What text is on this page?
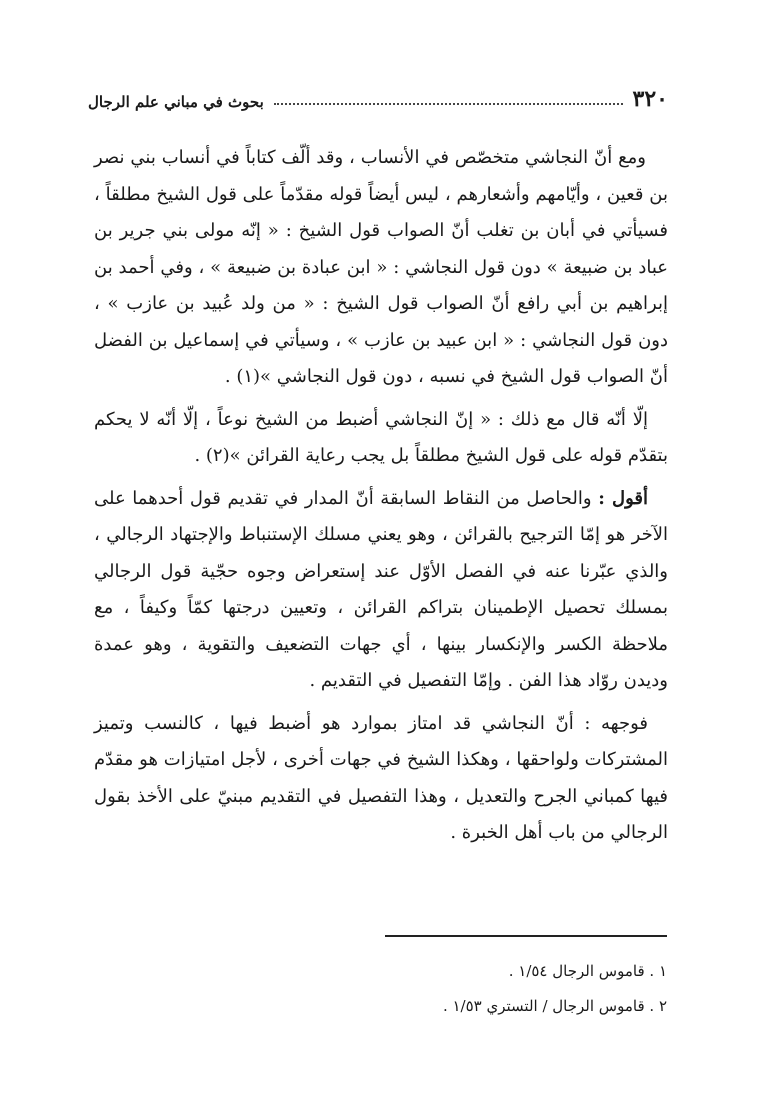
٣٢٠
بحوث في مباني علم الرجال

ومع أنّ النجاشي متخصّص في الأنساب ، وقد ألّف كتاباً في أنساب بني نصر بن قعين ، وأيّامهم وأشعارهم ، ليس أيضاً قوله مقدّماً على قول الشيخ مطلقاً ، فسيأتي في أبان بن تغلب أنّ الصواب قول الشيخ : « إنّه مولى بني جرير بن عباد بن ضبيعة » دون قول النجاشي : « ابن عبادة بن ضبيعة » ، وفي أحمد بن إبراهيم بن أبي رافع أنّ الصواب قول الشيخ : « من ولد عُبيد بن عازب » ، دون قول النجاشي : « ابن عبيد بن عازب » ، وسيأتي في إسماعيل بن الفضل أنّ الصواب قول الشيخ في نسبه ، دون قول النجاشي »(١) .

إلّا أنّه قال مع ذلك : « إنّ النجاشي أضبط من الشيخ نوعاً ، إلّا أنّه لا يحكم بتقدّم قوله على قول الشيخ مطلقاً بل يجب رعاية القرائن »(٢) .

أقول : والحاصل من النقاط السابقة أنّ المدار في تقديم قول أحدهما على الآخر هو إمّا الترجيح بالقرائن ، وهو يعني مسلك الإستنباط والإجتهاد الرجالي ، والذي عبّرنا عنه في الفصل الأوّل عند إستعراض وجوه حجّية قول الرجالي بمسلك تحصيل الإطمينان بتراكم القرائن ، وتعيين درجتها كمّاً وكيفاً ، مع ملاحظة الكسر والإنكسار بينها ، أي جهات التضعيف والتقوية ، وهو عمدة وديدن روّاد هذا الفن . وإمّا التفصيل في التقديم .

فوجهه : أنّ النجاشي قد امتاز بموارد هو أضبط فيها ، كالنسب وتميز المشتركات ولواحقها ، وهكذا الشيخ في جهات أخرى ، لأجل امتيازات هو مقدّم فيها كمباني الجرح والتعديل ، وهذا التفصيل في التقديم مبنيّ على الأخذ بقول الرجالي من باب أهل الخبرة .

١ . قاموس الرجال ١/٥٤ .

٢ . قاموس الرجال / التستري ١/٥٣ .
